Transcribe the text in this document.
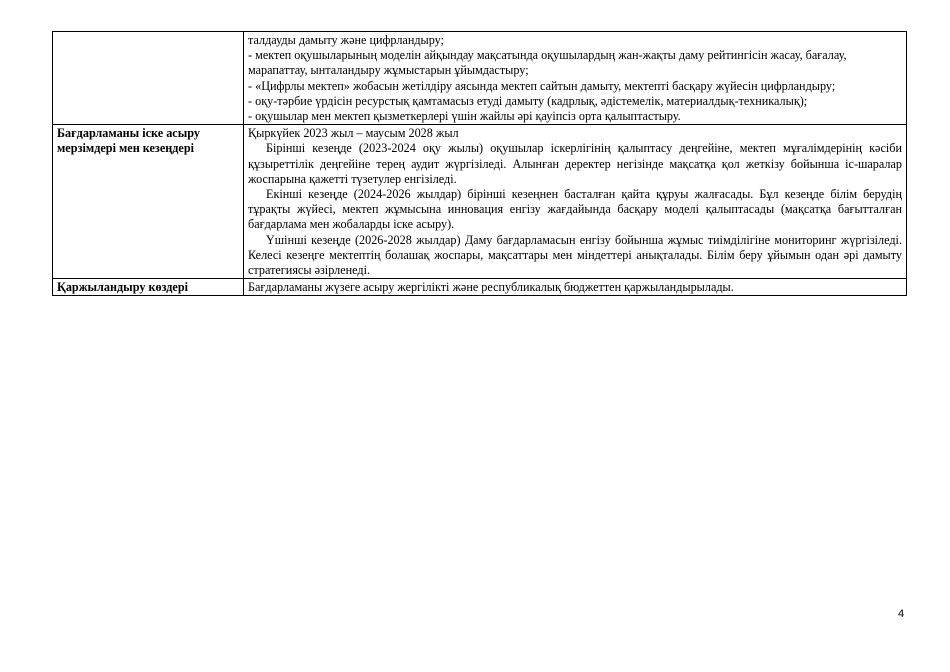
	талдауды дамыту және цифрландыру;

- мектеп оқушыларының моделін айқындау мақсатында оқушылардың жан-жақты даму рейтингісін жасау, бағалау, марапаттау, ынталандыру жұмыстарын ұйымдастыру;

- «Цифрлы мектеп» жобасын жетілдіру аясында мектеп сайтын дамыту, мектепті басқару жүйесін цифрландыру;

- оқу-тәрбие үрдісін ресурстық қамтамасыз етуді дамыту (кадрлық, әдістемелік, материалдық-техникалық);

- оқушылар мен мектеп қызметкерлері үшін жайлы әрі қауіпсіз орта қалыптастыру.

Бағдарламаны іске асыру мерзімдері мен кезеңдері	Қыркүйек 2023 жыл – маусым 2028 жыл

Бірінші кезеңде (2023-2024 оқу жылы) оқушылар іскерлігінің қалыптасу деңгейіне, мектеп мұғалімдерінің кәсіби құзыреттілік деңгейіне терең аудит жүргізіледі. Алынған деректер негізінде мақсатқа қол жеткізу бойынша іс-шаралар жоспарына қажетті түзетулер енгізіледі.

Екінші кезеңде (2024-2026 жылдар) бірінші кезеңнен басталған қайта құруы жалғасады. Бұл кезеңде білім берудің тұрақты жүйесі, мектеп жұмысына инновация енгізу жағдайында басқару моделі қалыптасады (мақсатқа бағытталған бағдарлама мен жобаларды іске асыру).

Үшінші кезеңде (2026-2028 жылдар) Даму бағдарламасын енгізу бойынша жұмыс тиімділігіне мониторинг жүргізіледі. Келесі кезеңге мектептің болашақ жоспары, мақсаттары мен міндеттері анықталады. Білім беру ұйымын одан әрі дамыту стратегиясы әзірленеді.

Қаржыландыру көздері	Бағдарламаны жүзеге асыру жергілікті және республикалық бюджеттен қаржыландырылады.
4
